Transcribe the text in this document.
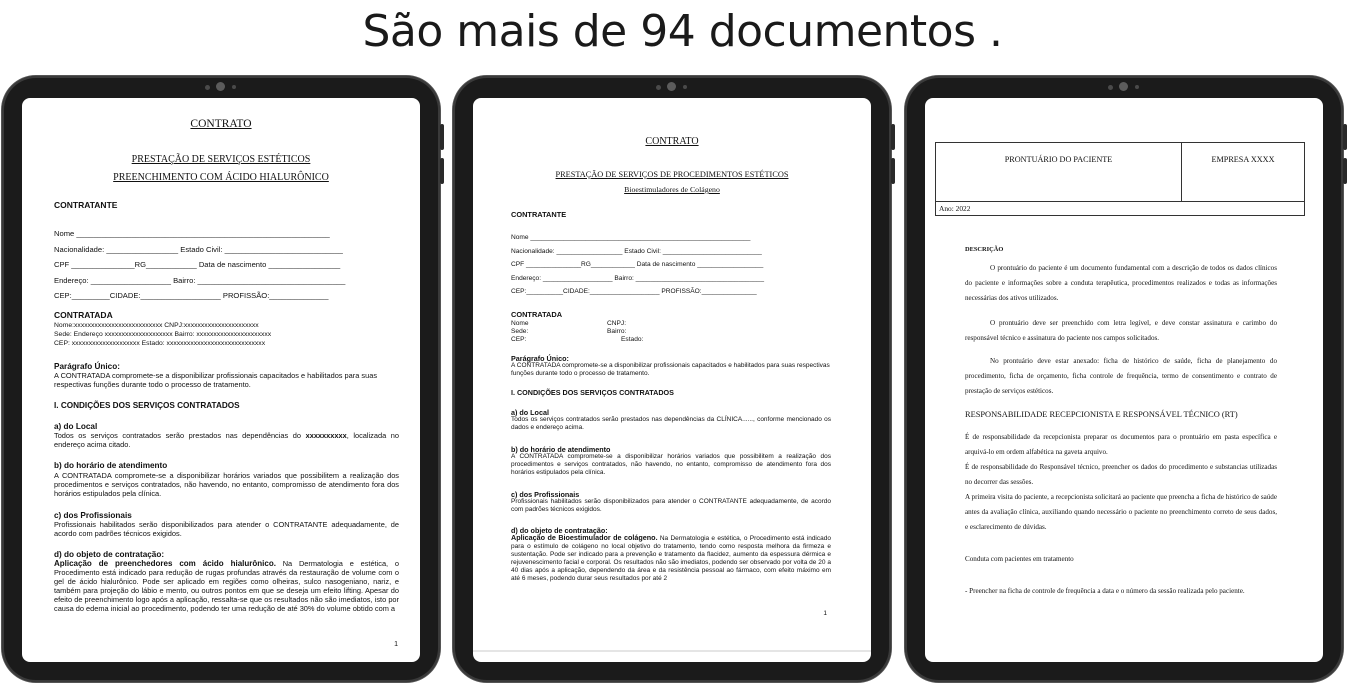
São mais de 94 documentos .
CONTRATO
PRESTAÇÃO DE SERVIÇOS ESTÉTICOS
PREENCHIMENTO COM ÁCIDO HIALURÔNICO
CONTRATANTE
Nome ____________________________________________________________
Nacionalidade: _________________ Estado Civil: ____________________________
CPF _______________RG____________ Data de nascimento _________________
Endereço: ___________________ Bairro: ___________________________________
CEP:_________CIDADE:___________________ PROFISSÃO:______________
CONTRATADA
Nome:xxxxxxxxxxxxxxxxxxxxxxxxxx CNPJ:xxxxxxxxxxxxxxxxxxxxxx
Sede: Endereço xxxxxxxxxxxxxxxxxxxx Bairro: xxxxxxxxxxxxxxxxxxxxxx
CEP: xxxxxxxxxxxxxxxxxxxx Estado: xxxxxxxxxxxxxxxxxxxxxxxxxxxxx
Parágrafo Único:
A CONTRATADA compromete-se a disponibilizar profissionais capacitados e habilitados para suas respectivas funções durante todo o processo de tratamento.
I. CONDIÇÕES DOS SERVIÇOS CONTRATADOS
a) do Local
Todos os serviços contratados serão prestados nas dependências do xxxxxxxxxx, localizada no endereço acima citado.
b) do horário de atendimento
A CONTRATADA compromete-se a disponibilizar horários variados que possibilitem a realização dos procedimentos e serviços contratados, não havendo, no entanto, compromisso de atendimento fora dos horários estipulados pela clínica.
c) dos Profissionais
Profissionais habilitados serão disponibilizados para atender o CONTRATANTE adequadamente, de acordo com padrões técnicos exigidos.
d) do objeto de contratação:
Aplicação de preenchedores com ácido hialurônico. Na Dermatologia e estética, o Procedimento está indicado para redução de rugas profundas através da restauração de volume com o gel de ácido hialurônico. Pode ser aplicado em regiões como olheiras, sulco nasogeniano, nariz, e também para projeção do lábio e mento, ou outros pontos em que se deseja um efeito lifting. Apesar do efeito de preenchimento logo após a aplicação, ressalta-se que os resultados não são imediatos, isto por causa do edema inicial ao procedimento, podendo ter uma redução de até 30% do volume obtido com a
1
CONTRATO
PRESTAÇÃO DE SERVIÇOS DE PROCEDIMENTOS ESTÉTICOS
Bioestimuladores de Colágeno
CONTRATANTE
Nome ____________________________________________________________
Nacionalidade: __________________ Estado Civil: ___________________________
CPF _______________RG____________ Data de nascimento __________________
Endereço: ___________________ Bairro: ___________________________________
CEP:__________CIDADE:___________________ PROFISSÃO:_______________
CONTRATADA
Nome
Sede:
CEP:
CNPJ:
Bairro:
Estado:
Parágrafo Único:
A CONTRATADA compromete-se a disponibilizar profissionais capacitados e habilitados para suas respectivas funções durante todo o processo de tratamento.
I. CONDIÇÕES DOS SERVIÇOS CONTRATADOS
a) do Local
Todos os serviços contratados serão prestados nas dependências da CLÍNICA......, conforme mencionado os dados e endereço acima.
b) do horário de atendimento
A CONTRATADA compromete-se a disponibilizar horários variados que possibilitem a realização dos procedimentos e serviços contratados, não havendo, no entanto, compromisso de atendimento fora dos horários estipulados pela clínica.
c) dos Profissionais
Profissionais habilitados serão disponibilizados para atender o CONTRATANTE adequadamente, de acordo com padrões técnicos exigidos.
d) do objeto de contratação:
Aplicação de Bioestimulador de colágeno. Na Dermatologia e estética, o Procedimento está indicado para o estímulo de colágeno no local objetivo do tratamento, tendo como resposta melhora da firmeza e sustentação. Pode ser indicado para a prevenção e tratamento da flacidez, aumento da espessura dérmica e rejuvenescimento facial e corporal. Os resultados não são imediatos, podendo ser observado por volta de 20 a 40 dias após a aplicação, dependendo da área e da resistência pessoal ao fármaco, com efeito máximo em até 6 meses, podendo durar seus resultados por até 2
1
PRONTUÁRIO DO PACIENTE	EMPRESA XXXX
Ano: 2022
DESCRIÇÃO
O prontuário do paciente é um documento fundamental com a descrição de todos os dados clínicos do paciente e informações sobre a conduta terapêutica, procedimentos realizados e todas as informações necessárias dos ativos utilizados.
O prontuário deve ser preenchido com letra legível, e deve constar assinatura e carimbo do responsável técnico e assinatura do paciente nos campos solicitados.
No prontuário deve estar anexado: ficha de histórico de saúde, ficha de planejamento do procedimento, ficha de orçamento, ficha controle de frequência, termo de consentimento e contrato de prestação de serviços estéticos.
RESPONSABILIDADE RECEPCIONISTA E RESPONSÁVEL TÉCNICO (RT)
É de responsabilidade da recepcionista preparar os documentos para o prontuário em pasta específica e arquivá-lo em ordem alfabética na gaveta arquivo.
É de responsabilidade do Responsável técnico, preencher os dados do procedimento e substancias utilizadas no decorrer das sessões.
A primeira visita do paciente, a recepcionista solicitará ao paciente que preencha a ficha de histórico de saúde antes da avaliação clínica, auxiliando quando necessário o paciente no preenchimento correto de seus dados, e esclarecimento de dúvidas.
Conduta com pacientes em tratamento
- Preencher na ficha de controle de frequência a data e o número da sessão realizada pelo paciente.
